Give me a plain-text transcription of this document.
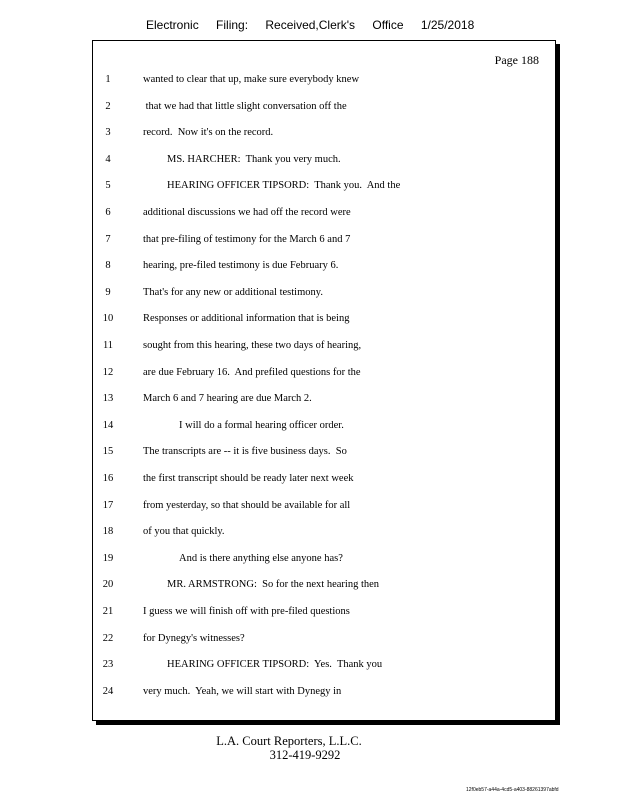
Electronic Filing: Received,Clerk's Office 1/25/2018
Page 188
1	wanted to clear that up, make sure everybody knew
2	that we had that little slight conversation off the
3	record.  Now it's on the record.
4	MS. HARCHER:  Thank you very much.
5	HEARING OFFICER TIPSORD:  Thank you.  And the
6	additional discussions we had off the record were
7	that pre-filing of testimony for the March 6 and 7
8	hearing, pre-filed testimony is due February 6.
9	That's for any new or additional testimony.
10	Responses or additional information that is being
11	sought from this hearing, these two days of hearing,
12	are due February 16.  And prefiled questions for the
13	March 6 and 7 hearing are due March 2.
14	I will do a formal hearing officer order.
15	The transcripts are -- it is five business days.  So
16	the first transcript should be ready later next week
17	from yesterday, so that should be available for all
18	of you that quickly.
19	And is there anything else anyone has?
20	MR. ARMSTRONG:  So for the next hearing then
21	I guess we will finish off with pre-filed questions
22	for Dynegy's witnesses?
23	HEARING OFFICER TIPSORD:  Yes.  Thank you
24	very much.  Yeah, we will start with Dynegy in
L.A. Court Reporters, L.L.C.
312-419-9292
12f0eb57-a44a-4cd5-a403-88261397abfd
